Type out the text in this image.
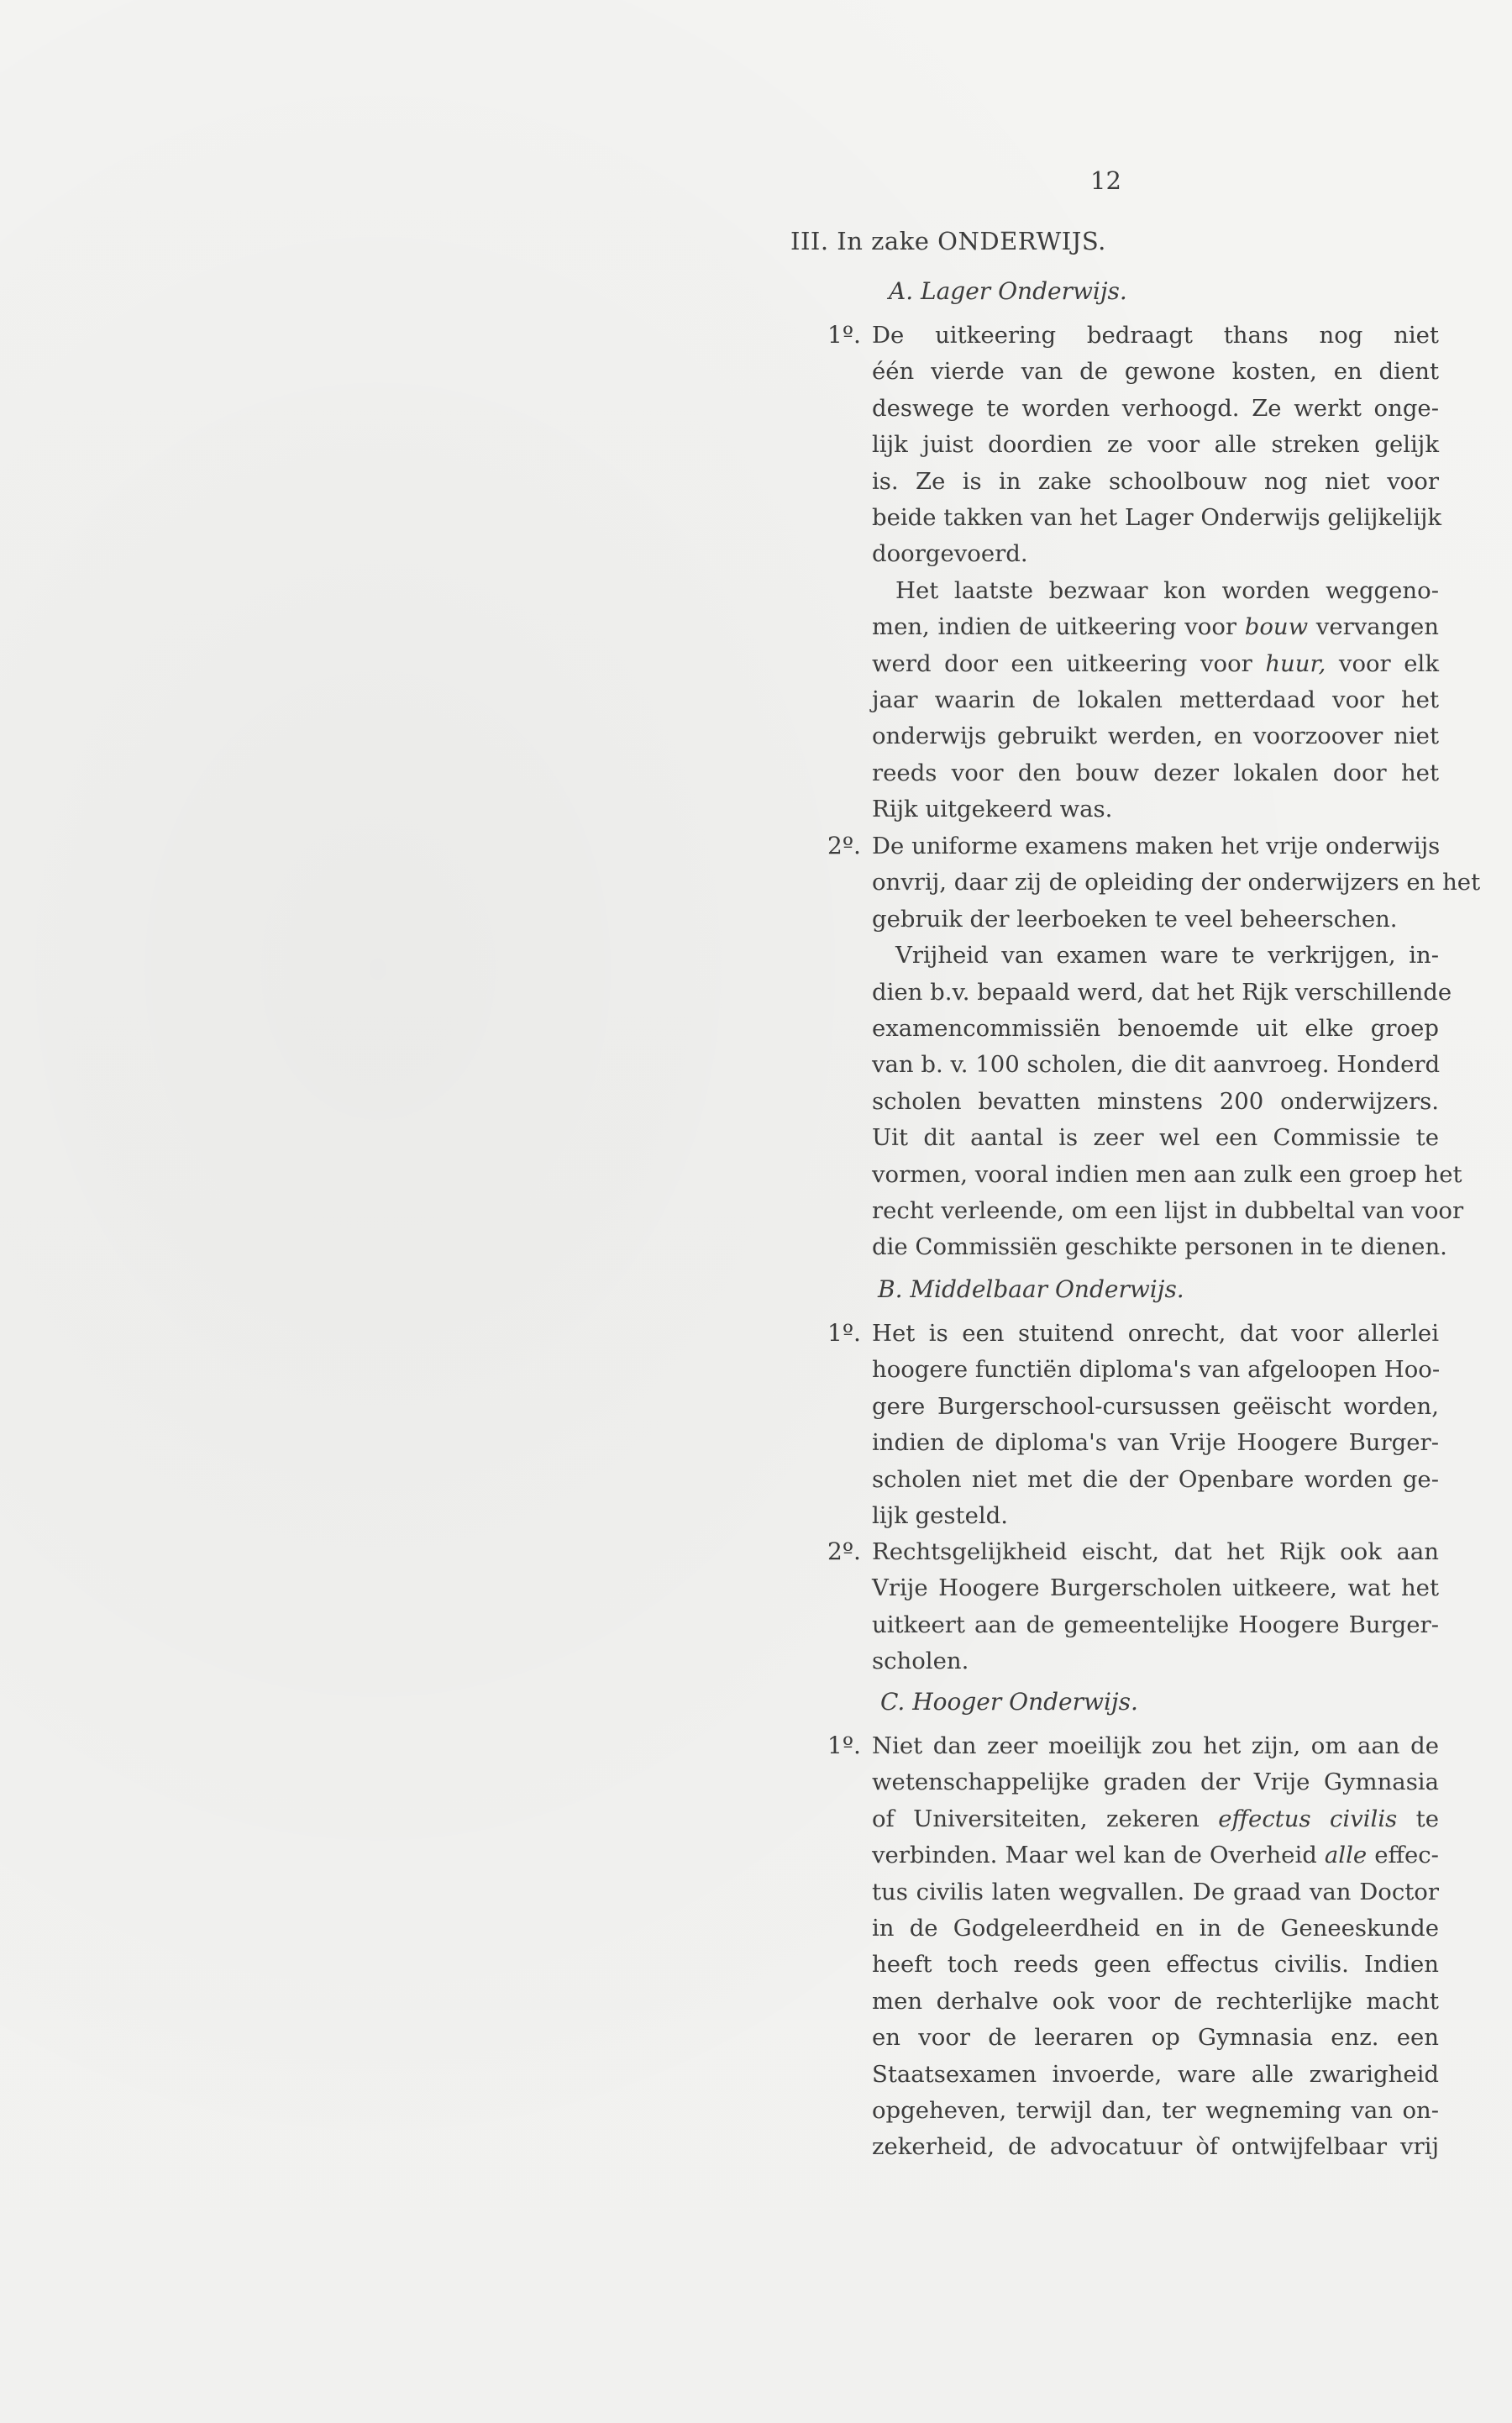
12
III. In zake ONDERWIJS.
A. Lager Onderwijs.
1º. De uitkeering bedraagt thans nog niet
één vierde van de gewone kosten, en dient
deswege te worden verhoogd. Ze werkt onge-
lijk juist doordien ze voor alle streken gelijk
is. Ze is in zake schoolbouw nog niet voor
beide takken van het Lager Onderwijs gelijkelijk
doorgevoerd.
Het laatste bezwaar kon worden weggeno-
men, indien de uitkeering voor bouw vervangen
werd door een uitkeering voor huur, voor elk
jaar waarin de lokalen metterdaad voor het
onderwijs gebruikt werden, en voorzoover niet
reeds voor den bouw dezer lokalen door het
Rijk uitgekeerd was.
2º. De uniforme examens maken het vrije onderwijs
onvrij, daar zij de opleiding der onderwijzers en het
gebruik der leerboeken te veel beheerschen.
Vrijheid van examen ware te verkrijgen, in-
dien b.v. bepaald werd, dat het Rijk verschillende
examencommissiën benoemde uit elke groep
van b. v. 100 scholen, die dit aanvroeg. Honderd
scholen bevatten minstens 200 onderwijzers.
Uit dit aantal is zeer wel een Commissie te
vormen, vooral indien men aan zulk een groep het
recht verleende, om een lijst in dubbeltal van voor
die Commissiën geschikte personen in te dienen.
B. Middelbaar Onderwijs.
1º. Het is een stuitend onrecht, dat voor allerlei
hoogere functiën diploma's van afgeloopen Hoo-
gere Burgerschool-cursussen geëischt worden,
indien de diploma's van Vrije Hoogere Burger-
scholen niet met die der Openbare worden ge-
lijk gesteld.
2º. Rechtsgelijkheid eischt, dat het Rijk ook aan
Vrije Hoogere Burgerscholen uitkeere, wat het
uitkeert aan de gemeentelijke Hoogere Burger-
scholen.
C. Hooger Onderwijs.
1º. Niet dan zeer moeilijk zou het zijn, om aan de
wetenschappelijke graden der Vrije Gymnasia
of Universiteiten, zekeren effectus civilis te
verbinden. Maar wel kan de Overheid alle effec-
tus civilis laten wegvallen. De graad van Doctor
in de Godgeleerdheid en in de Geneeskunde
heeft toch reeds geen effectus civilis. Indien
men derhalve ook voor de rechterlijke macht
en voor de leeraren op Gymnasia enz. een
Staatsexamen invoerde, ware alle zwarigheid
opgeheven, terwijl dan, ter wegneming van on-
zekerheid, de advocatuur òf ontwijfelbaar vrij
